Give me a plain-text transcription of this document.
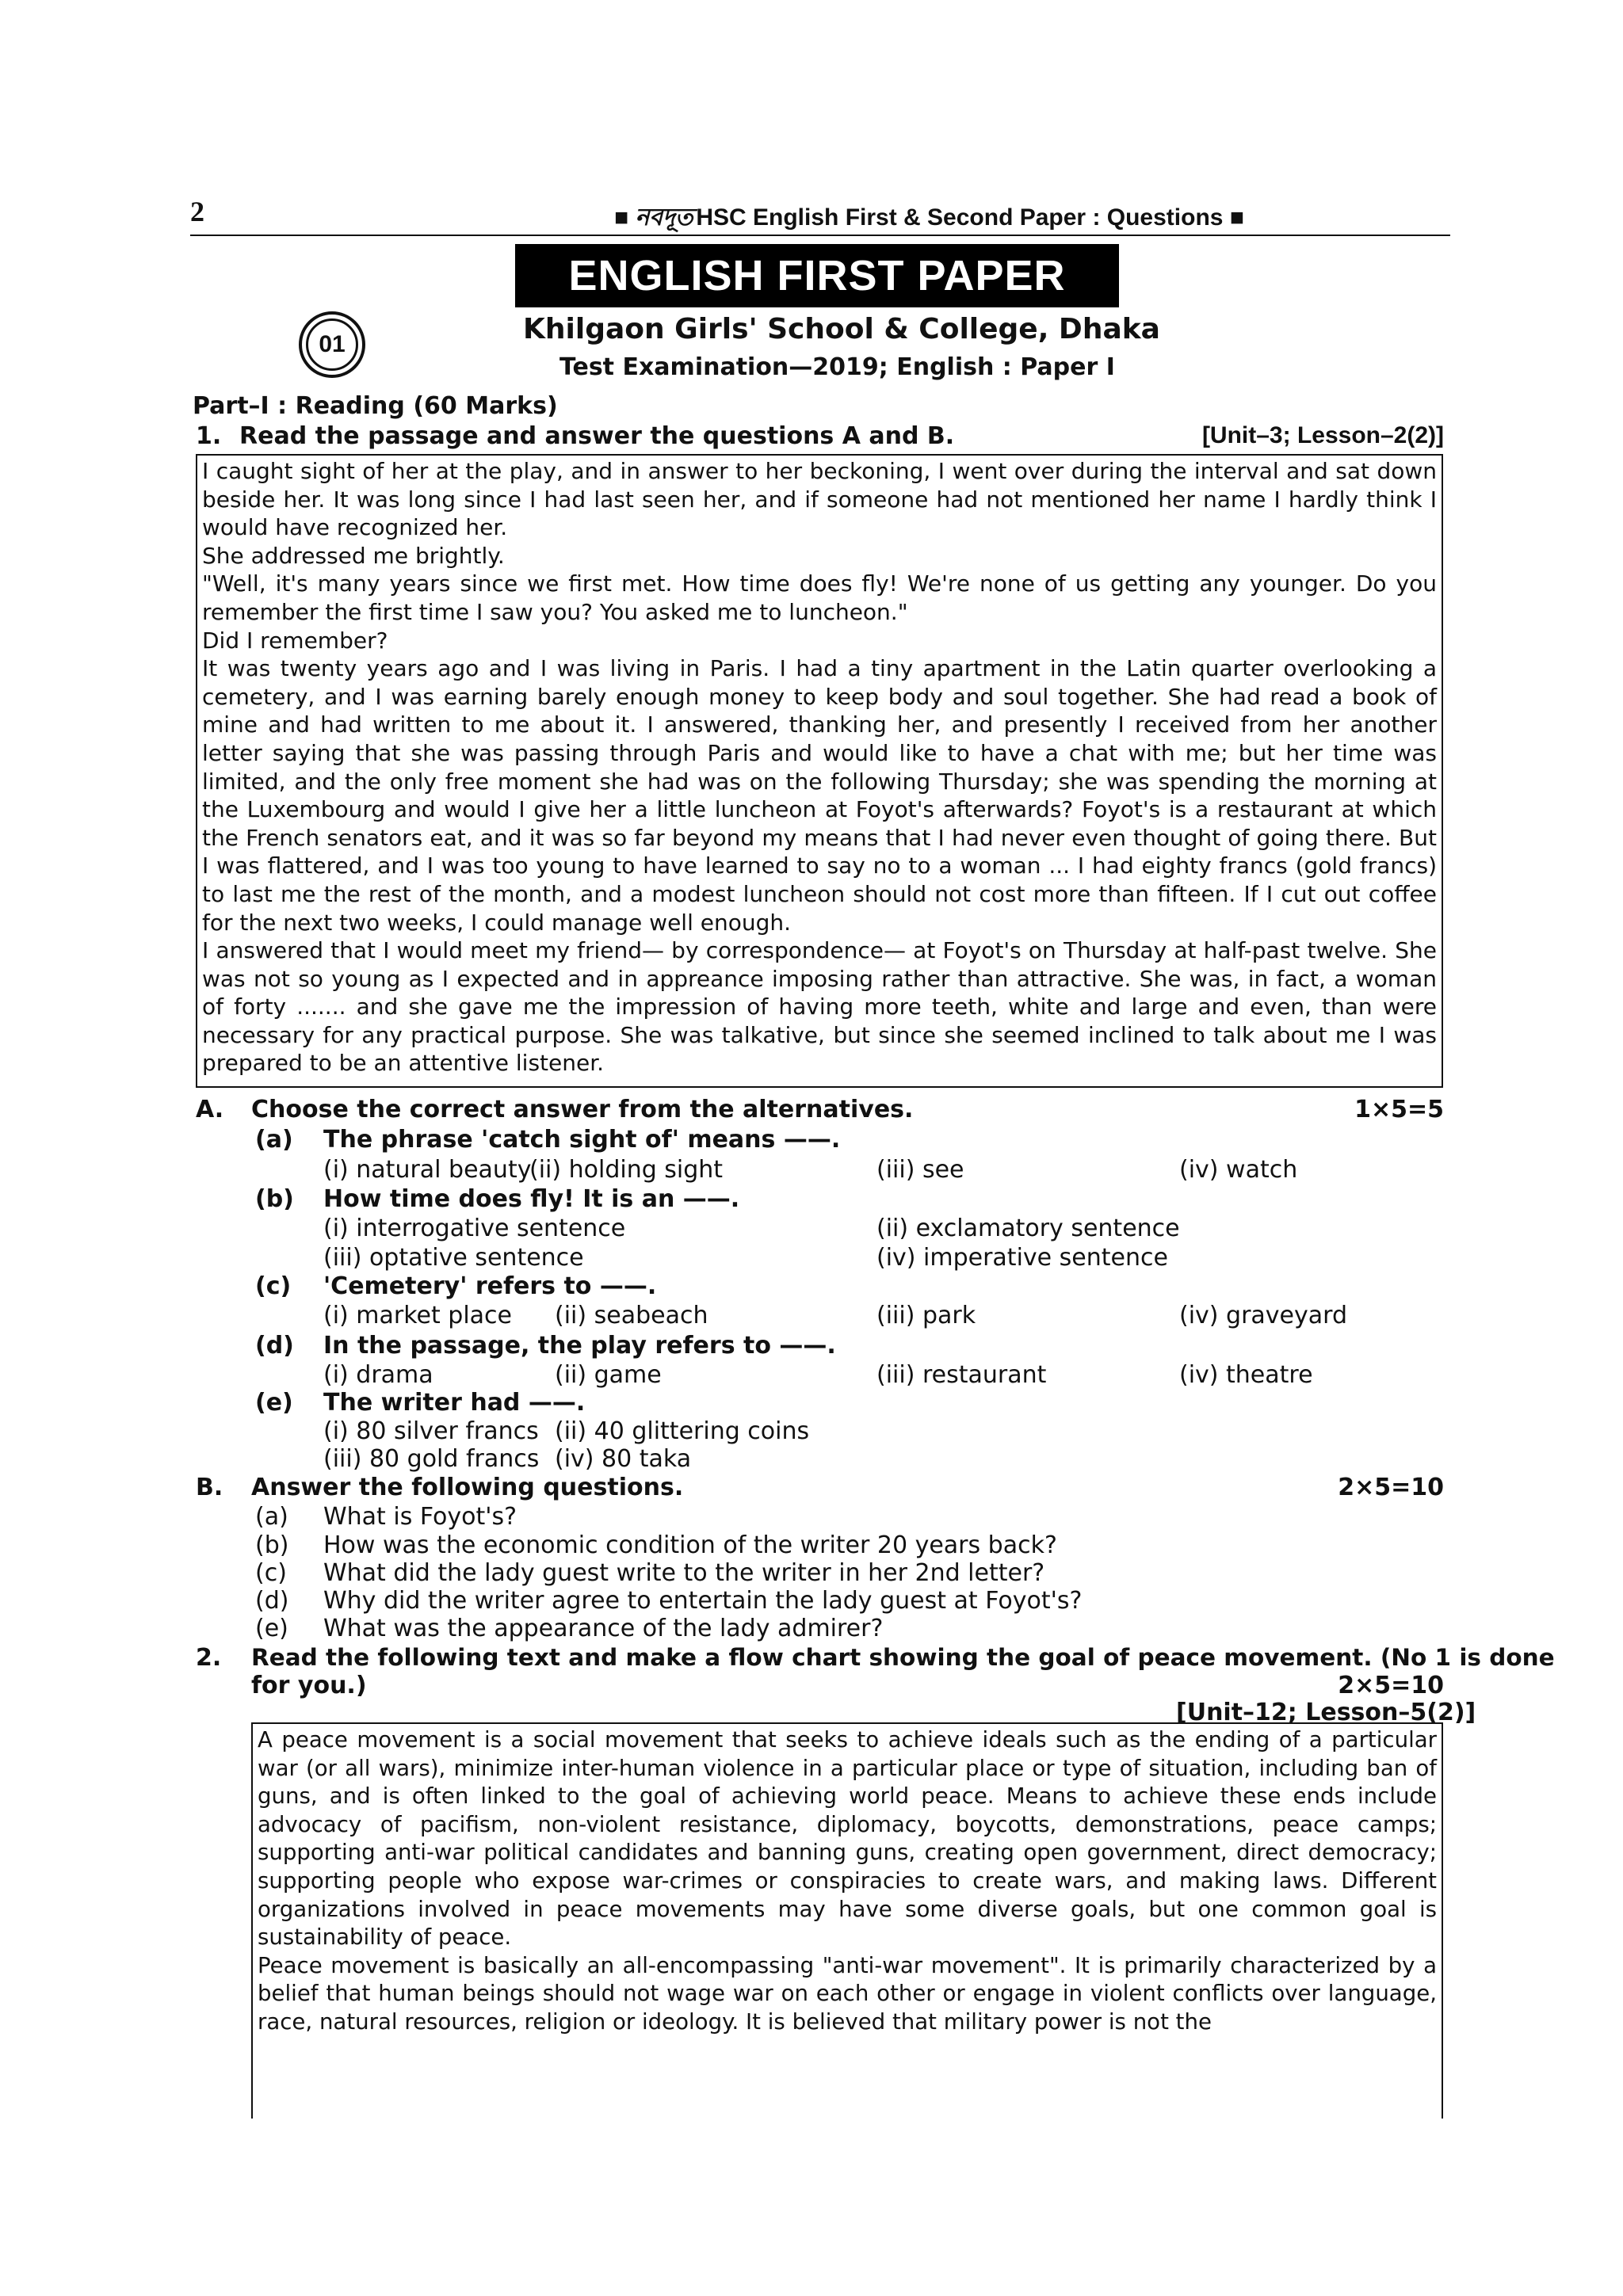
2	■ নবদূত HSC English First & Second Paper : Questions ■
ENGLISH FIRST PAPER
01	Khilgaon Girls' School & College, Dhaka
Test Examination—2019; English : Paper I
Part–I : Reading (60 Marks)
1. Read the passage and answer the questions A and B.	[Unit–3; Lesson–2(2)]

I caught sight of her at the play, and in answer to her beckoning, I went over during the interval and sat down beside her. It was long since I had last seen her, and if someone had not mentioned her name I hardly think I would have recognized her.

She addressed me brightly.

"Well, it's many years since we first met. How time does fly! We're none of us getting any younger. Do you remember the first time I saw you? You asked me to luncheon."

Did I remember?

It was twenty years ago and I was living in Paris. I had a tiny apartment in the Latin quarter overlooking a cemetery, and I was earning barely enough money to keep body and soul together. She had read a book of mine and had written to me about it. I answered, thanking her, and presently I received from her another letter saying that she was passing through Paris and would like to have a chat with me; but her time was limited, and the only free moment she had was on the following Thursday; she was spending the morning at the Luxembourg and would I give her a little luncheon at Foyot's afterwards? Foyot's is a restaurant at which the French senators eat, and it was so far beyond my means that I had never even thought of going there. But I was flattered, and I was too young to have learned to say no to a woman ... I had eighty francs (gold francs) to last me the rest of the month, and a modest luncheon should not cost more than fifteen. If I cut out coffee for the next two weeks, I could manage well enough.

I answered that I would meet my friend— by correspondence— at Foyot's on Thursday at half-past twelve. She was not so young as I expected and in appreance imposing rather than attractive. She was, in fact, a woman of forty ....... and she gave me the impression of having more teeth, white and large and even, than were necessary for any practical purpose. She was talkative, but since she seemed inclined to talk about me I was prepared to be an attentive listener.

A. Choose the correct answer from the alternatives.	1×5=5
(a) The phrase 'catch sight of' means ——.
(i) natural beauty
(ii) holding sight	(iii) see	(iv) watch
(b) How time does fly! It is an ——.
(i) interrogative sentence	(ii) exclamatory sentence
(iii) optative sentence	(iv) imperative sentence
(c) 'Cemetery' refers to ——.
(i) market place (ii) seabeach	(iii) park	(iv) graveyard
(d) In the passage, the play refers to ——.
(i) drama	(ii) game	(iii) restaurant	(iv) theatre
(e) The writer had ——.
(i) 80 silver francs (ii) 40 glittering coins
(iii) 80 gold francs (iv) 80 taka
B. Answer the following questions.	2×5=10
(a) What is Foyot's?
(b) How was the economic condition of the writer 20 years back?
(c) What did the lady guest write to the writer in her 2nd letter?
(d) Why did the writer agree to entertain the lady guest at Foyot's?
(e) What was the appearance of the lady admirer?
2. Read the following text and make a flow chart showing the goal of peace movement. (No 1 is done
for you.)	2×5=10
[Unit–12; Lesson–5(2)]

A peace movement is a social movement that seeks to achieve ideals such as the ending of a particular war (or all wars), minimize inter-human violence in a particular place or type of situation, including ban of guns, and is often linked to the goal of achieving world peace. Means to achieve these ends include advocacy of pacifism, non-violent resistance, diplomacy, boycotts, demonstrations, peace camps; supporting anti-war political candidates and banning guns, creating open government, direct democracy; supporting people who expose war-crimes or conspiracies to create wars, and making laws. Different organizations involved in peace movements may have some diverse goals, but one common goal is sustainability of peace.

Peace movement is basically an all-encompassing "anti-war movement". It is primarily characterized by a belief that human beings should not wage war on each other or engage in violent conflicts over language, race, natural resources, religion or ideology. It is believed that military power is not the
